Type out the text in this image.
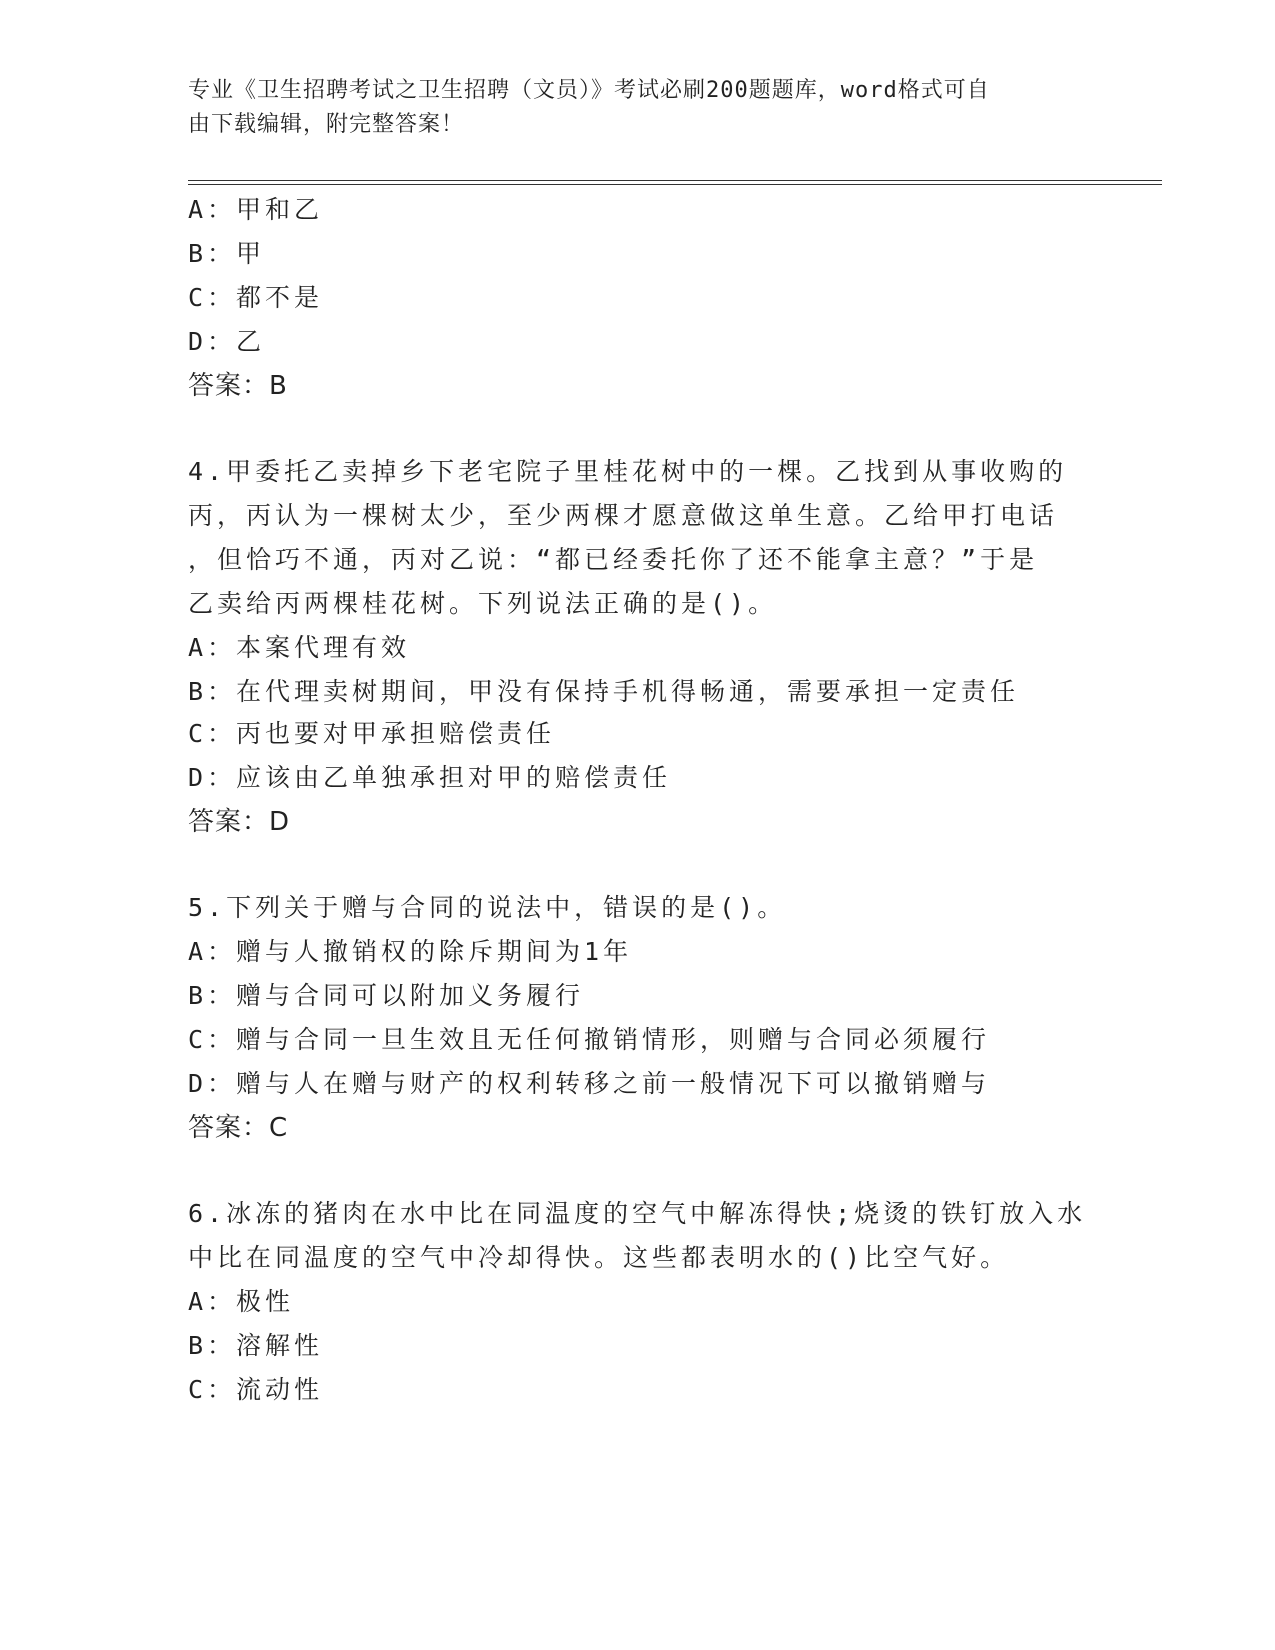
专业《卫生招聘考试之卫生招聘（文员）》考试必刷200题题库，word格式可自
由下载编辑，附完整答案！
A：甲和乙
B：甲
C：都不是
D：乙
答案：B
4.甲委托乙卖掉乡下老宅院子里桂花树中的一棵。乙找到从事收购的
丙，丙认为一棵树太少，至少两棵才愿意做这单生意。乙给甲打电话
，但恰巧不通，丙对乙说：“都已经委托你了还不能拿主意？”于是
乙卖给丙两棵桂花树。下列说法正确的是()。
A：本案代理有效
B：在代理卖树期间，甲没有保持手机得畅通，需要承担一定责任
C：丙也要对甲承担赔偿责任
D：应该由乙单独承担对甲的赔偿责任
答案：D
5.下列关于赠与合同的说法中，错误的是()。
A：赠与人撤销权的除斥期间为1年
B：赠与合同可以附加义务履行
C：赠与合同一旦生效且无任何撤销情形，则赠与合同必须履行
D：赠与人在赠与财产的权利转移之前一般情况下可以撤销赠与
答案：C
6.冰冻的猪肉在水中比在同温度的空气中解冻得快;烧烫的铁钉放入水
中比在同温度的空气中冷却得快。这些都表明水的()比空气好。
A：极性
B：溶解性
C：流动性
